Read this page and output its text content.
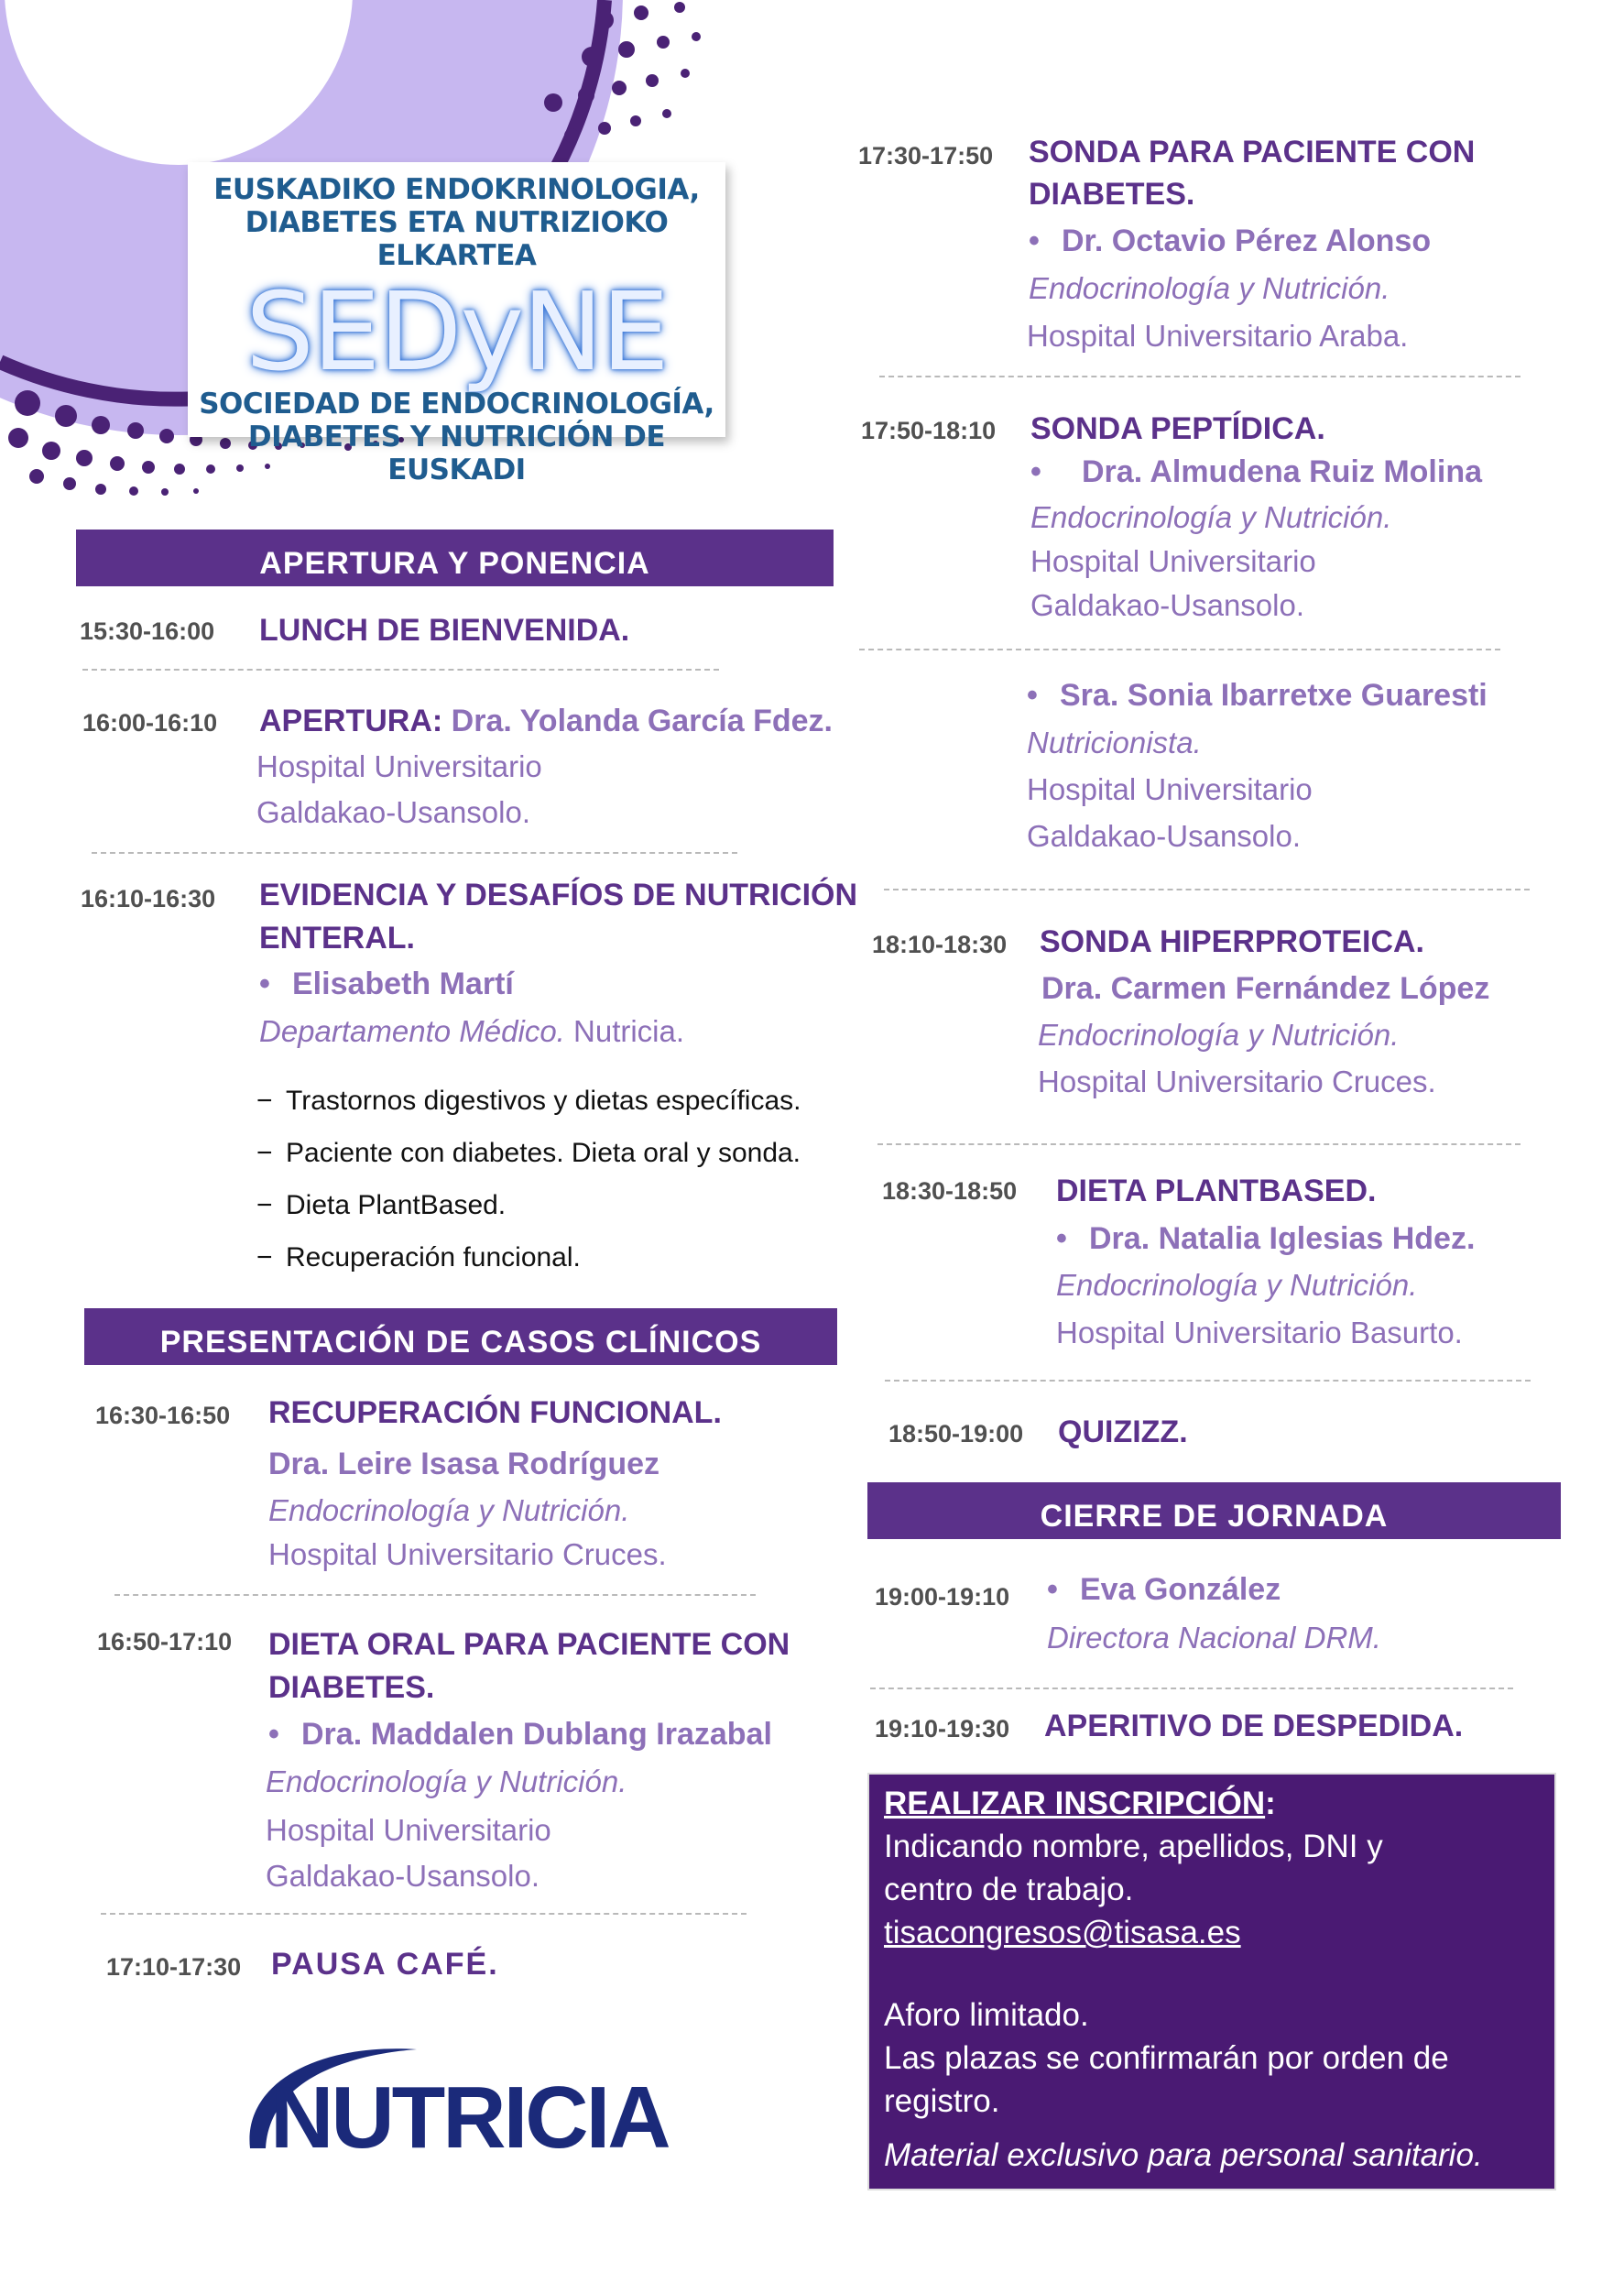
EUSKADIKO ENDOKRINOLOGIA,
DIABETES ETA NUTRIZIOKO ELKARTEA
SEDyNE
SOCIEDAD DE ENDOCRINOLOGÍA,
DIABETES Y NUTRICIÓN DE EUSKADI
APERTURA Y PONENCIA
15:30-16:00 LUNCH DE BIENVENIDA.
16:00-16:10 APERTURA: Dra. Yolanda García Fdez.
Hospital Universitario
Galdakao-Usansolo.
16:10-16:30 EVIDENCIA Y DESAFÍOS DE NUTRICIÓN
ENTERAL.
• Elisabeth Martí
Departamento Médico. Nutricia.
− Trastornos digestivos y dietas específicas.
− Paciente con diabetes. Dieta oral y sonda.
− Dieta PlantBased.
− Recuperación funcional.
PRESENTACIÓN DE CASOS CLÍNICOS
16:30-16:50 RECUPERACIÓN FUNCIONAL.
Dra. Leire Isasa Rodríguez
Endocrinología y Nutrición.
Hospital Universitario Cruces.
16:50-17:10 DIETA ORAL PARA PACIENTE CON
DIABETES.
• Dra. Maddalen Dublang Irazabal
Endocrinología y Nutrición.
Hospital Universitario
Galdakao-Usansolo.
17:10-17:30 PAUSA CAFÉ.
NUTRICIA
17:30-17:50 SONDA PARA PACIENTE CON
DIABETES.
• Dr. Octavio Pérez Alonso
Endocrinología y Nutrición.
Hospital Universitario Araba.
17:50-18:10 SONDA PEPTÍDICA.
• Dra. Almudena Ruiz Molina
Endocrinología y Nutrición.
Hospital Universitario
Galdakao-Usansolo.
• Sra. Sonia Ibarretxe Guaresti
Nutricionista.
Hospital Universitario
Galdakao-Usansolo.
18:10-18:30 SONDA HIPERPROTEICA.
Dra. Carmen Fernández López
Endocrinología y Nutrición.
Hospital Universitario Cruces.
18:30-18:50 DIETA PLANTBASED.
• Dra. Natalia Iglesias Hdez.
Endocrinología y Nutrición.
Hospital Universitario Basurto.
18:50-19:00 QUIZIZZ.
CIERRE DE JORNADA
19:00-19:10 • Eva González
Directora Nacional DRM.
19:10-19:30 APERITIVO DE DESPEDIDA.
REALIZAR INSCRIPCIÓN:
Indicando nombre, apellidos, DNI y
centro de trabajo.
tisacongresos@tisasa.es
Aforo limitado.
Las plazas se confirmarán por orden de
registro.
Material exclusivo para personal sanitario.
